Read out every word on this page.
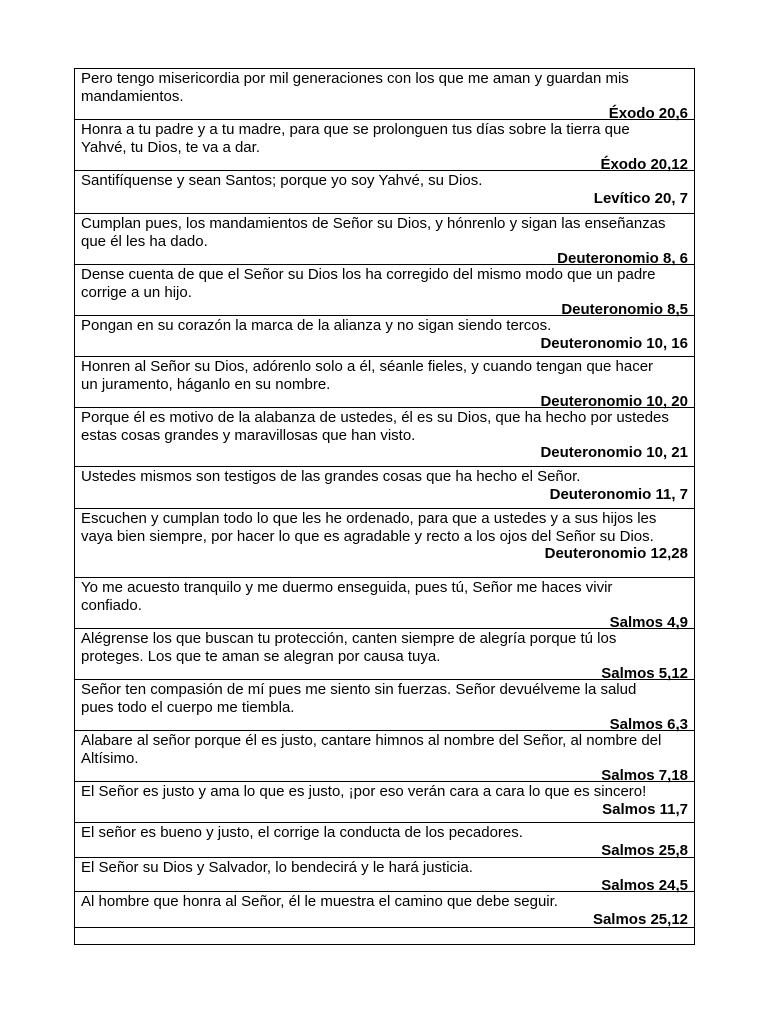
Pero tengo misericordia por mil generaciones con los que me aman y guardan mis
mandamientos.
Éxodo 20,6
Honra a tu padre y a tu madre, para que se prolonguen tus días sobre la tierra que
Yahvé, tu Dios, te va a dar.
Éxodo 20,12
Santifíquense y sean Santos; porque yo soy Yahvé, su Dios.
Levítico 20, 7
Cumplan pues, los mandamientos de Señor su Dios, y hónrenlo y sigan las enseñanzas
que él les ha dado.
Deuteronomio 8, 6
Dense cuenta de que el Señor su Dios los ha corregido del mismo modo que un padre
corrige a un hijo.
Deuteronomio 8,5
Pongan en su corazón la marca de la alianza y no sigan siendo tercos.
Deuteronomio 10, 16
Honren al Señor su Dios, adórenlo solo a él, séanle fieles, y cuando tengan que hacer
un juramento, háganlo en su nombre.
Deuteronomio 10, 20
Porque él es motivo de la alabanza de ustedes, él es su Dios, que ha hecho por ustedes
estas cosas grandes y maravillosas que han visto.
Deuteronomio 10, 21
Ustedes mismos son testigos de las grandes cosas que ha hecho el Señor.
Deuteronomio 11, 7
Escuchen y cumplan todo lo que les he ordenado, para que a ustedes y a sus hijos les
vaya bien siempre, por hacer lo que es agradable y recto a los ojos del Señor su Dios.
Deuteronomio 12,28
Yo me acuesto tranquilo y me duermo enseguida, pues tú, Señor me haces vivir
confiado.
Salmos 4,9
Alégrense los que buscan tu protección, canten siempre de alegría porque tú los
proteges. Los que te aman se alegran por causa tuya.
Salmos 5,12
Señor ten compasión de mí pues me siento sin fuerzas. Señor devuélveme la salud
pues todo el cuerpo me tiembla.
Salmos 6,3
Alabare al señor porque él es justo, cantare himnos al nombre del Señor, al nombre del
Altísimo.
Salmos 7,18
El Señor es justo y ama lo que es justo, ¡por eso verán cara a cara lo que es sincero!
Salmos 11,7
El señor es bueno y justo, el corrige la conducta de los pecadores.
Salmos 25,8
El Señor su Dios y Salvador, lo bendecirá y le hará justicia.
Salmos 24,5
Al hombre que honra al Señor, él le muestra el camino que debe seguir.
Salmos 25,12
